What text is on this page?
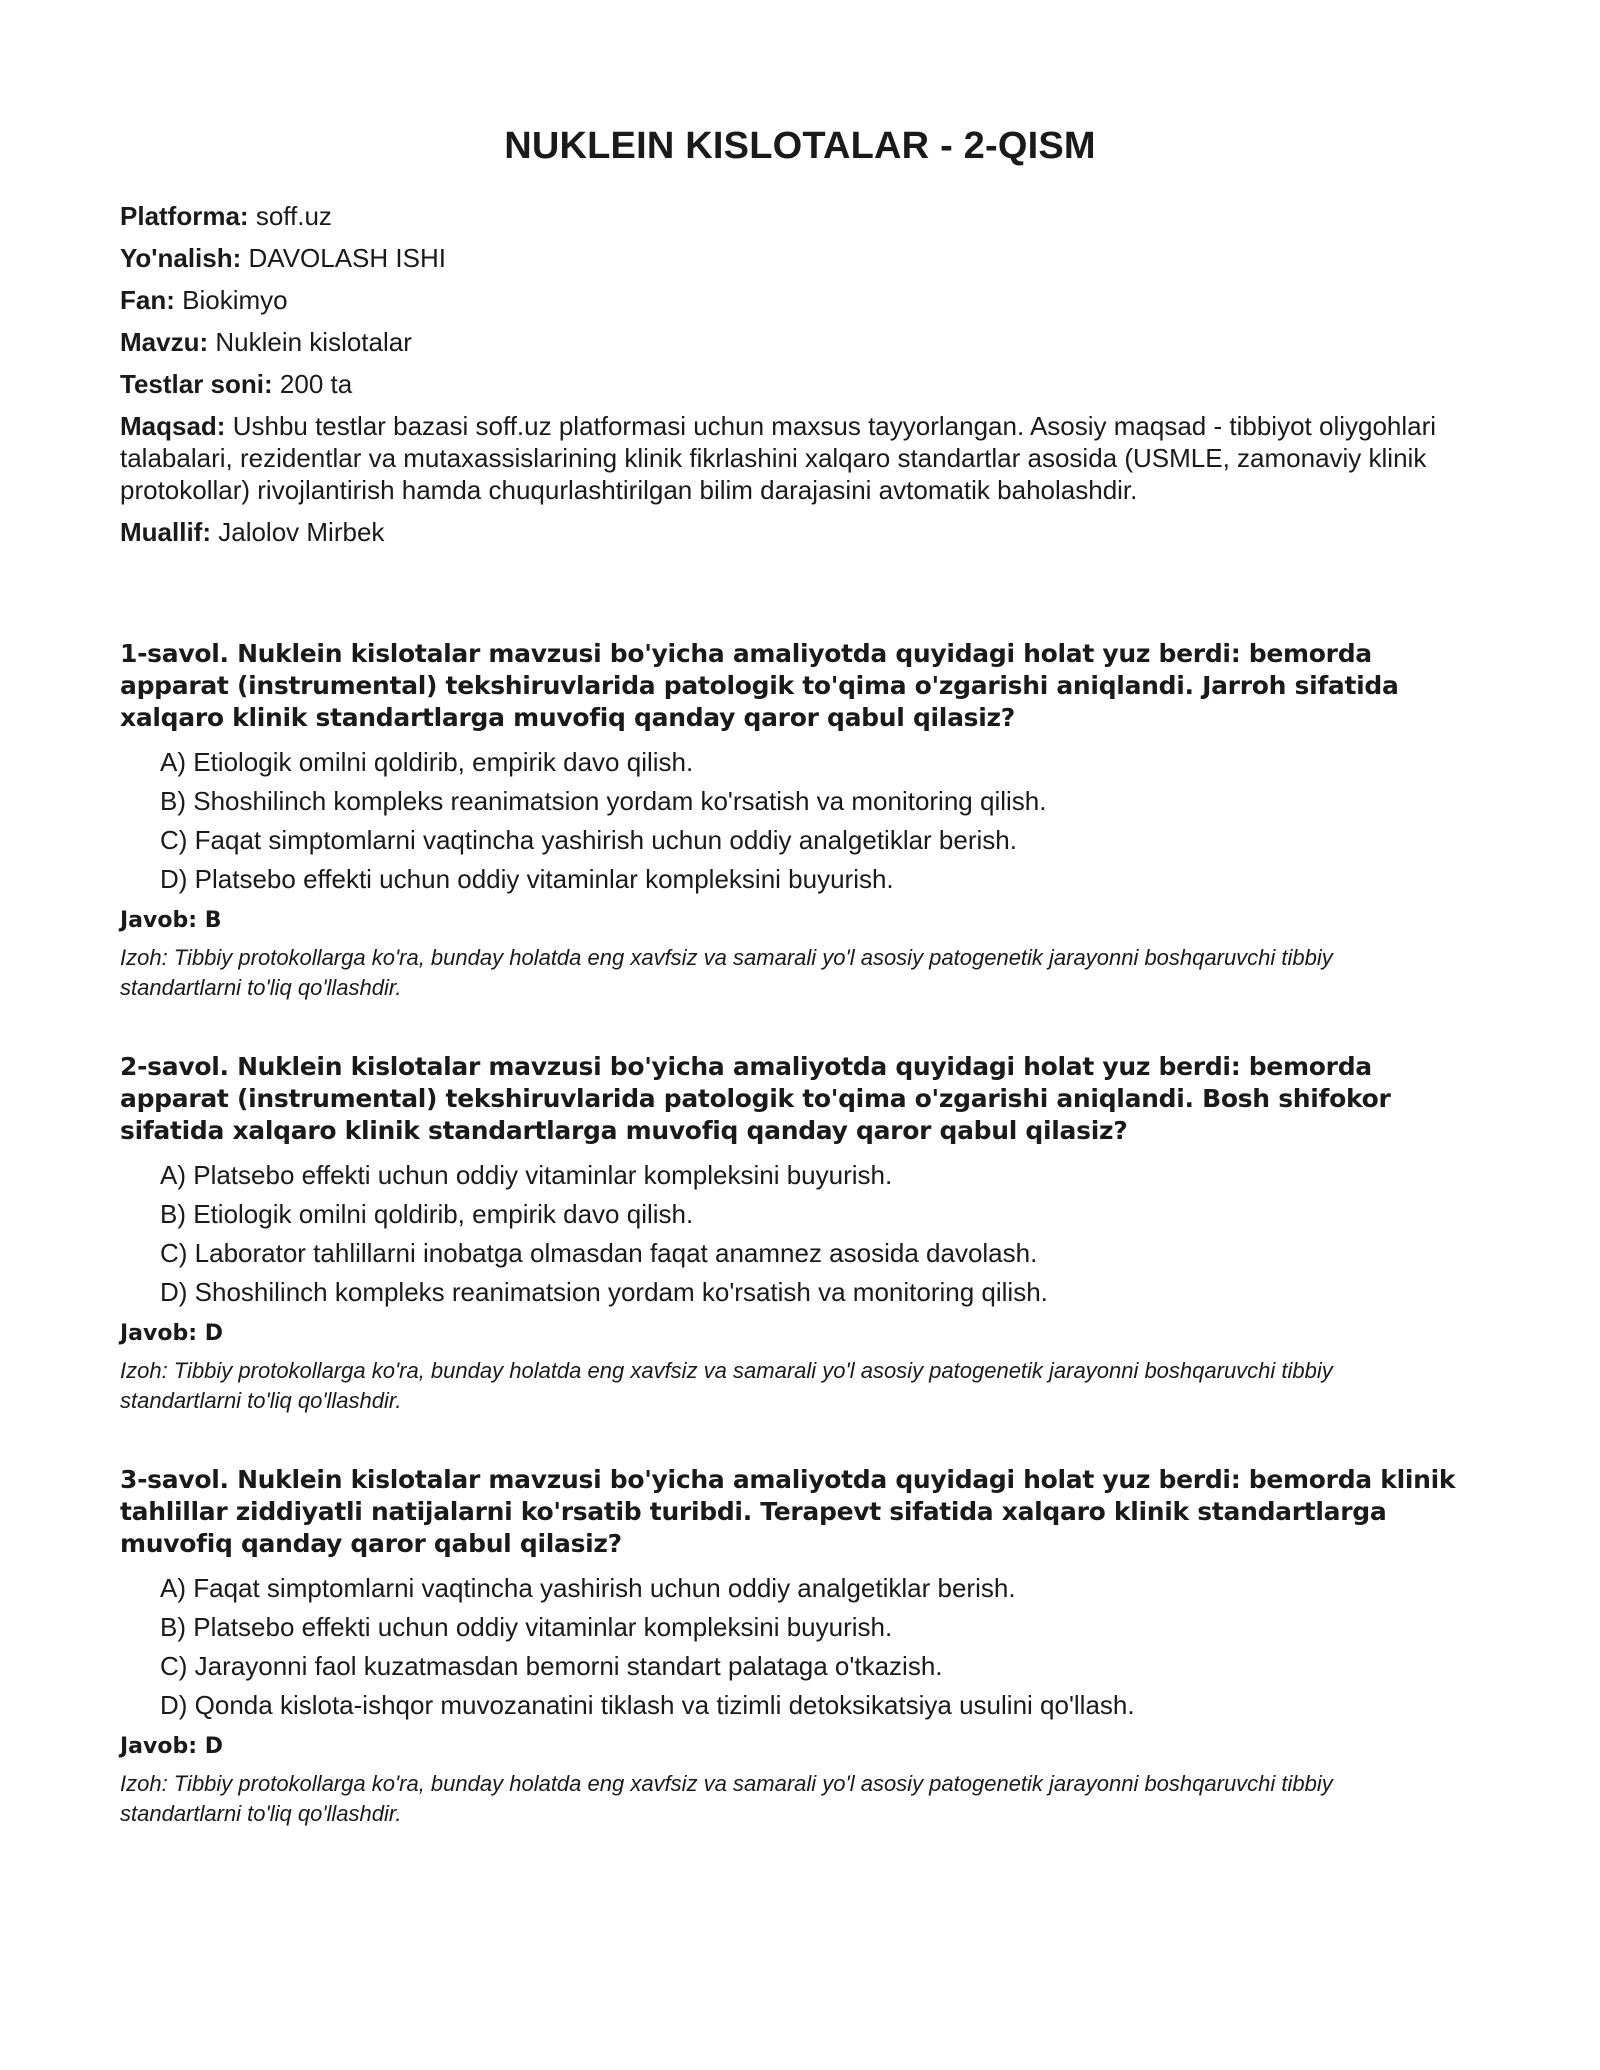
NUKLEIN KISLOTALAR - 2-QISM

Platforma: soff.uz

Yo'nalish: DAVOLASH ISHI

Fan: Biokimyo

Mavzu: Nuklein kislotalar

Testlar soni: 200 ta

Maqsad: Ushbu testlar bazasi soff.uz platformasi uchun maxsus tayyorlangan. Asosiy maqsad - tibbiyot oliygohlari talabalari, rezidentlar va mutaxassislarining klinik fikrlashini xalqaro standartlar asosida (USMLE, zamonaviy klinik protokollar) rivojlantirish hamda chuqurlashtirilgan bilim darajasini avtomatik baholashdir.

Muallif: Jalolov Mirbek

1-savol. Nuklein kislotalar mavzusi bo'yicha amaliyotda quyidagi holat yuz berdi: bemorda apparat (instrumental) tekshiruvlarida patologik to'qima o'zgarishi aniqlandi. Jarroh sifatida xalqaro klinik standartlarga muvofiq qanday qaror qabul qilasiz?

A) Etiologik omilni qoldirib, empirik davo qilish.
B) Shoshilinch kompleks reanimatsion yordam ko'rsatish va monitoring qilish.
C) Faqat simptomlarni vaqtincha yashirish uchun oddiy analgetiklar berish.
D) Platsebo effekti uchun oddiy vitaminlar kompleksini buyurish.

Javob: B

Izoh: Tibbiy protokollarga ko'ra, bunday holatda eng xavfsiz va samarali yo'l asosiy patogenetik jarayonni boshqaruvchi tibbiy standartlarni to'liq qo'llashdir.

2-savol. Nuklein kislotalar mavzusi bo'yicha amaliyotda quyidagi holat yuz berdi: bemorda apparat (instrumental) tekshiruvlarida patologik to'qima o'zgarishi aniqlandi. Bosh shifokor sifatida xalqaro klinik standartlarga muvofiq qanday qaror qabul qilasiz?

A) Platsebo effekti uchun oddiy vitaminlar kompleksini buyurish.
B) Etiologik omilni qoldirib, empirik davo qilish.
C) Laborator tahlillarni inobatga olmasdan faqat anamnez asosida davolash.
D) Shoshilinch kompleks reanimatsion yordam ko'rsatish va monitoring qilish.

Javob: D

Izoh: Tibbiy protokollarga ko'ra, bunday holatda eng xavfsiz va samarali yo'l asosiy patogenetik jarayonni boshqaruvchi tibbiy standartlarni to'liq qo'llashdir.

3-savol. Nuklein kislotalar mavzusi bo'yicha amaliyotda quyidagi holat yuz berdi: bemorda klinik tahlillar ziddiyatli natijalarni ko'rsatib turibdi. Terapevt sifatida xalqaro klinik standartlarga muvofiq qanday qaror qabul qilasiz?

A) Faqat simptomlarni vaqtincha yashirish uchun oddiy analgetiklar berish.
B) Platsebo effekti uchun oddiy vitaminlar kompleksini buyurish.
C) Jarayonni faol kuzatmasdan bemorni standart palataga o'tkazish.
D) Qonda kislota-ishqor muvozanatini tiklash va tizimli detoksikatsiya usulini qo'llash.

Javob: D

Izoh: Tibbiy protokollarga ko'ra, bunday holatda eng xavfsiz va samarali yo'l asosiy patogenetik jarayonni boshqaruvchi tibbiy standartlarni to'liq qo'llashdir.
